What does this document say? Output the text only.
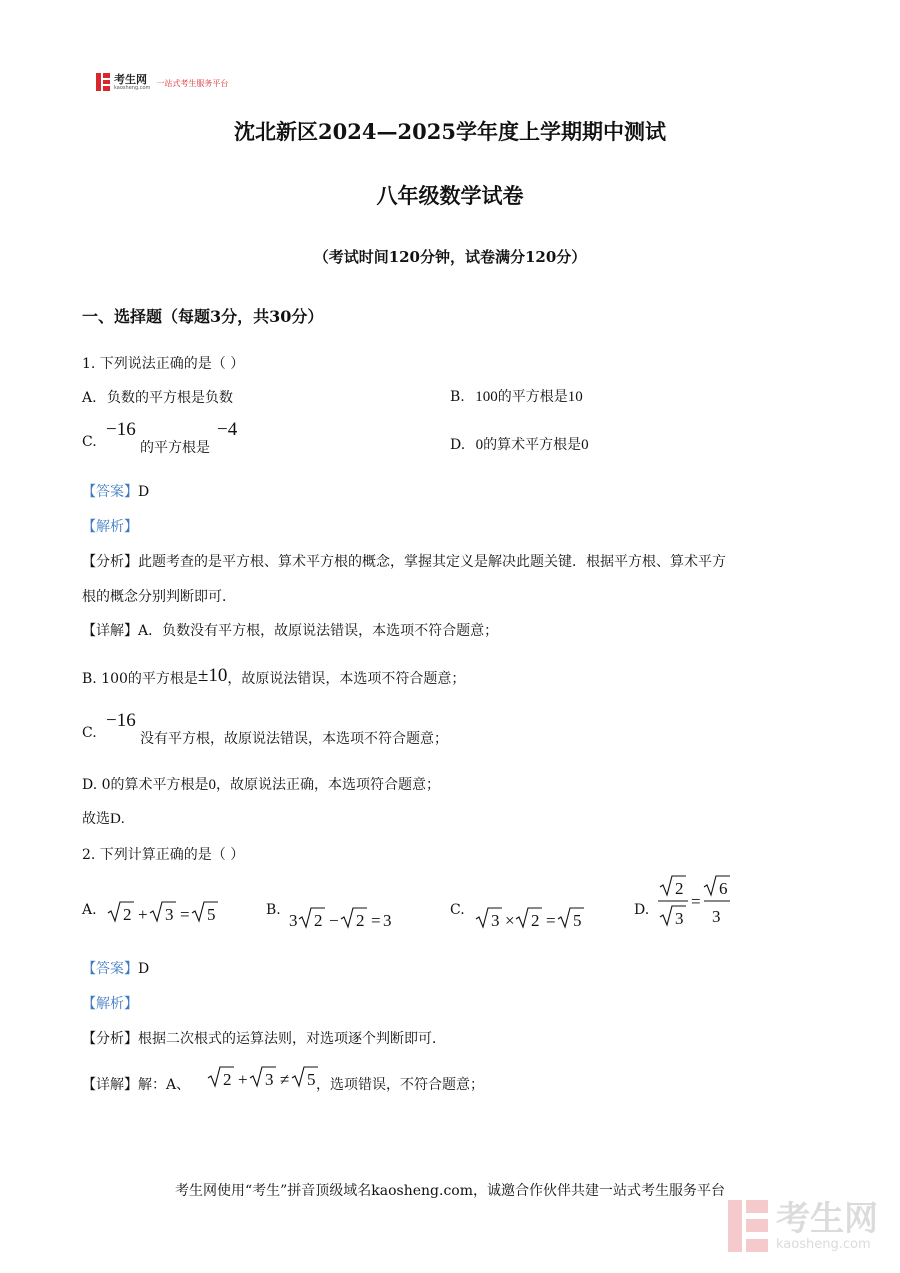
考生网
kaosheng.com 一站式考生服务平台
沈北新区2024—2025学年度上学期期中测试
八年级数学试卷
（考试时间120分钟，试卷满分120分）
一、选择题（每题3分，共30分）
1. 下列说法正确的是（ ）
A. 负数的平方根是负数	B. 100的平方根是10
C.
−16
的平方根是
−4
D. 0的算术平方根是0
【答案】D
【解析】
【分析】此题考查的是平方根、算术平方根的概念，掌握其定义是解决此题关键．根据平方根、算术平方
根的概念分别判断即可．
【详解】A．负数没有平方根，故原说法错误，本选项不符合题意；
B. 100的平方根是±10，故原说法错误，本选项不符合题意；
C.
−16
没有平方根，故原说法错误，本选项不符合题意；
D. 0的算术平方根是0，故原说法正确，本选项符合题意；
故选D.
2. 下列计算正确的是（ ）
A. 2 + 3 = 5	B.
3 2 − 2 = 3
C.
3 × 2 = 5
D.
2
3
=
6
3
【答案】D
【解析】
【分析】根据二次根式的运算法则，对选项逐个判断即可．
【详解】解：A、 2 + 3 ≠ 5 ，选项错误，不符合题意；
考生网使用“考生”拼音顶级域名kaosheng.com，诚邀合作伙伴共建一站式考生服务平台
考生网
kaosheng.com
